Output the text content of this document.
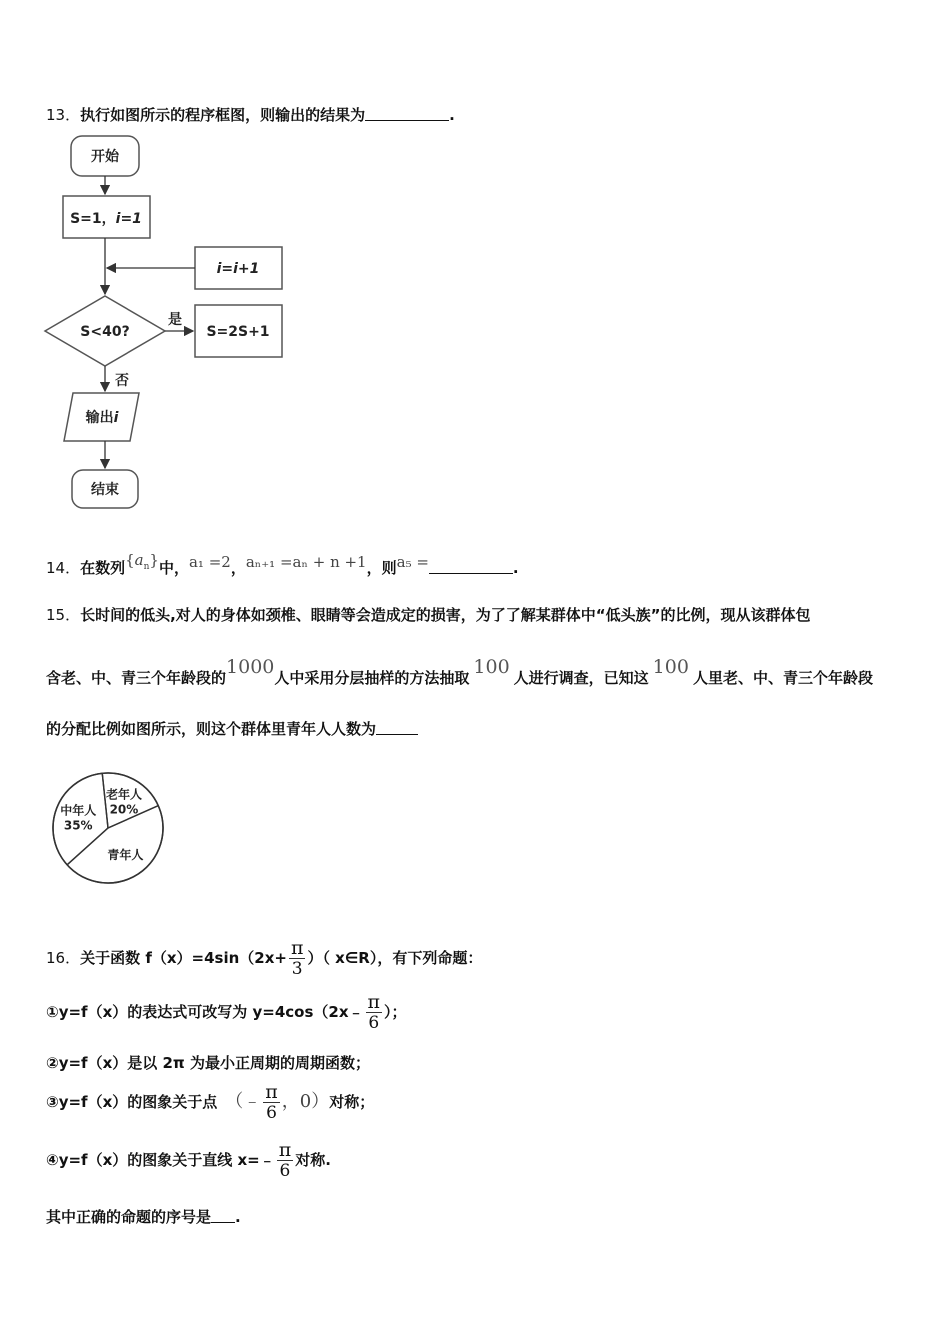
13．执行如图所示的程序框图，则输出的结果为	.
开始
S=1，i=1
i=i+1
S<40?
是
S=2S+1
否
输出i
结束
14．在数列$\{a_n\}$中，a₁ =2，aₙ₊₁ =aₙ + n +1，则a₅ =	.
15．长时间的低头,对人的身体如颈椎、眼睛等会造成定的损害，为了了解某群体中“低头族”的比例，现从该群体包
含老、中、青三个年龄段的1000人中采用分层抽样的方法抽取 100 人进行调查，已知这 100 人里老、中、青三个年龄段
的分配比例如图所示，则这个群体里青年人人数为
老年人
20%
青年人
中年人
35%
16．关于函数 $f(x)=4\sin(2x+ \frac{\pi}{3}$ ）（ x∈R），有下列命题：
①y=f（x）的表达式可改写为 y=4cos（2x﹣ $\frac{\pi}{6}$ ）；
②y=f（x）是以 2π 为最小正周期的周期函数；
③y=f（x）的图象关于点 （﹣ $\frac{\pi}{6}$ ，0）对称；
④y=f（x）的图象关于直线 x=﹣ $\frac{\pi}{6}$ 对称.
其中正确的命题的序号是 .
